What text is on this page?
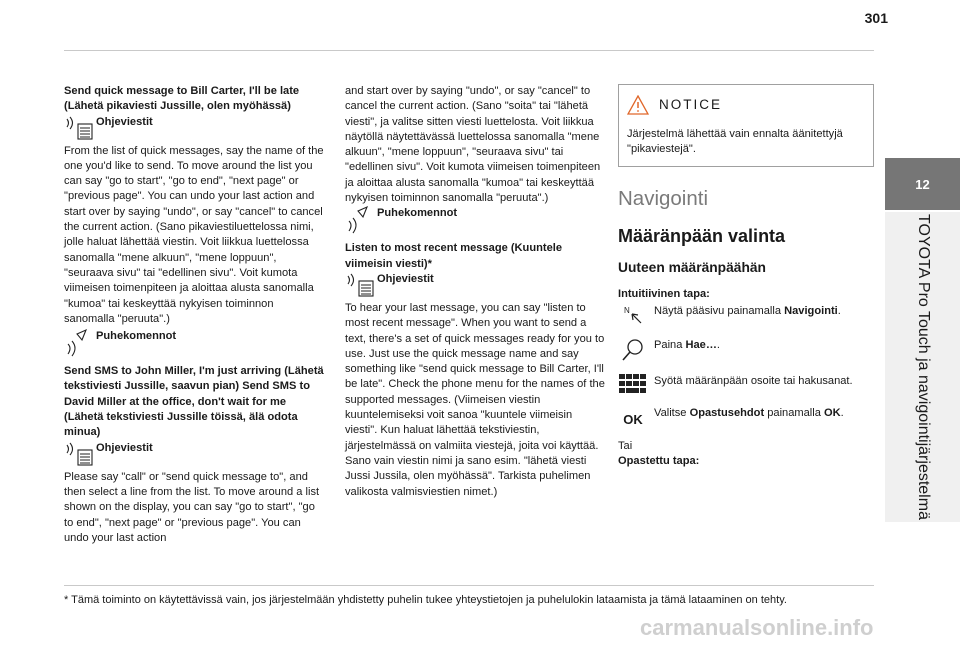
301
12
TOYOTA Pro Touch ja navigointijärjestelmä

Send quick message to Bill Carter, I'll be late (Lähetä pikaviesti Jussille, olen myöhässä)

Ohjeviestit

From the list of quick messages, say the name of the one you'd like to send. To move around the list you can say "go to start", "go to end", "next page" or "previous page". You can undo your last action and start over by saying "undo", or say "cancel" to cancel the current action. (Sano pikaviestiluettelossa nimi, jolle haluat lähettää viestin. Voit liikkua luettelossa sanomalla "mene alkuun", "mene loppuun", "seuraava sivu" tai "edellinen sivu". Voit kumota viimeisen toimenpiteen ja aloittaa alusta sanomalla "kumoa" tai keskeyttää nykyisen toiminnon sanomalla "peruuta".)

Puhekomennot

Send SMS to John Miller, I'm just arriving (Lähetä tekstiviesti Jussille, saavun pian) Send SMS to David Miller at the office, don't wait for me (Lähetä tekstiviesti Jussille töissä, älä odota minua)

Ohjeviestit

Please say "call" or "send quick message to", and then select a line from the list. To move around a list shown on the display, you can say "go to start", "go to end", "next page" or "previous page". You can undo your last action

and start over by saying "undo", or say "cancel" to cancel the current action. (Sano "soita" tai "lähetä viesti", ja valitse sitten viesti luettelosta. Voit liikkua näytöllä näytettävässä luettelossa sanomalla "mene alkuun", "mene loppuun", "seuraava sivu" tai "edellinen sivu". Voit kumota viimeisen toimenpiteen ja aloittaa alusta sanomalla "kumoa" tai keskeyttää nykyisen toiminnon sanomalla "peruuta".)

Puhekomennot

Listen to most recent message (Kuuntele viimeisin viesti)*

Ohjeviestit

To hear your last message, you can say "listen to most recent message". When you want to send a text, there's a set of quick messages ready for you to use. Just use the quick message name and say something like "send quick message to Bill Carter, I'll be late". Check the phone menu for the names of the supported messages. (Viimeisen viestin kuuntelemiseksi voit sanoa "kuuntele viimeisin viesti". Kun haluat lähettää tekstiviestin, järjestelmässä on valmiita viestejä, joita voi käyttää. Sano vain viestin nimi ja sano esim. "lähetä viesti Jussi Jussila, olen myöhässä". Tarkista puhelimen valikosta valmisviestien nimet.)

NOTICE

Järjestelmä lähettää vain ennalta äänitettyjä "pikaviestejä".

Navigointi
Määränpään valinta
Uuteen määränpäähän

Intuitiivinen tapa:

N Näytä pääsivu painamalla Navigointi.
Paina Hae….
Syötä määränpään osoite tai hakusanat.
OK Valitse Opastusehdot painamalla OK.

Tai

Opastettu tapa:

* Tämä toiminto on käytettävissä vain, jos järjestelmään yhdistetty puhelin tukee yhteystietojen ja puhelulokin lataamista ja tämä lataaminen on tehty.
carmanualsonline.info
